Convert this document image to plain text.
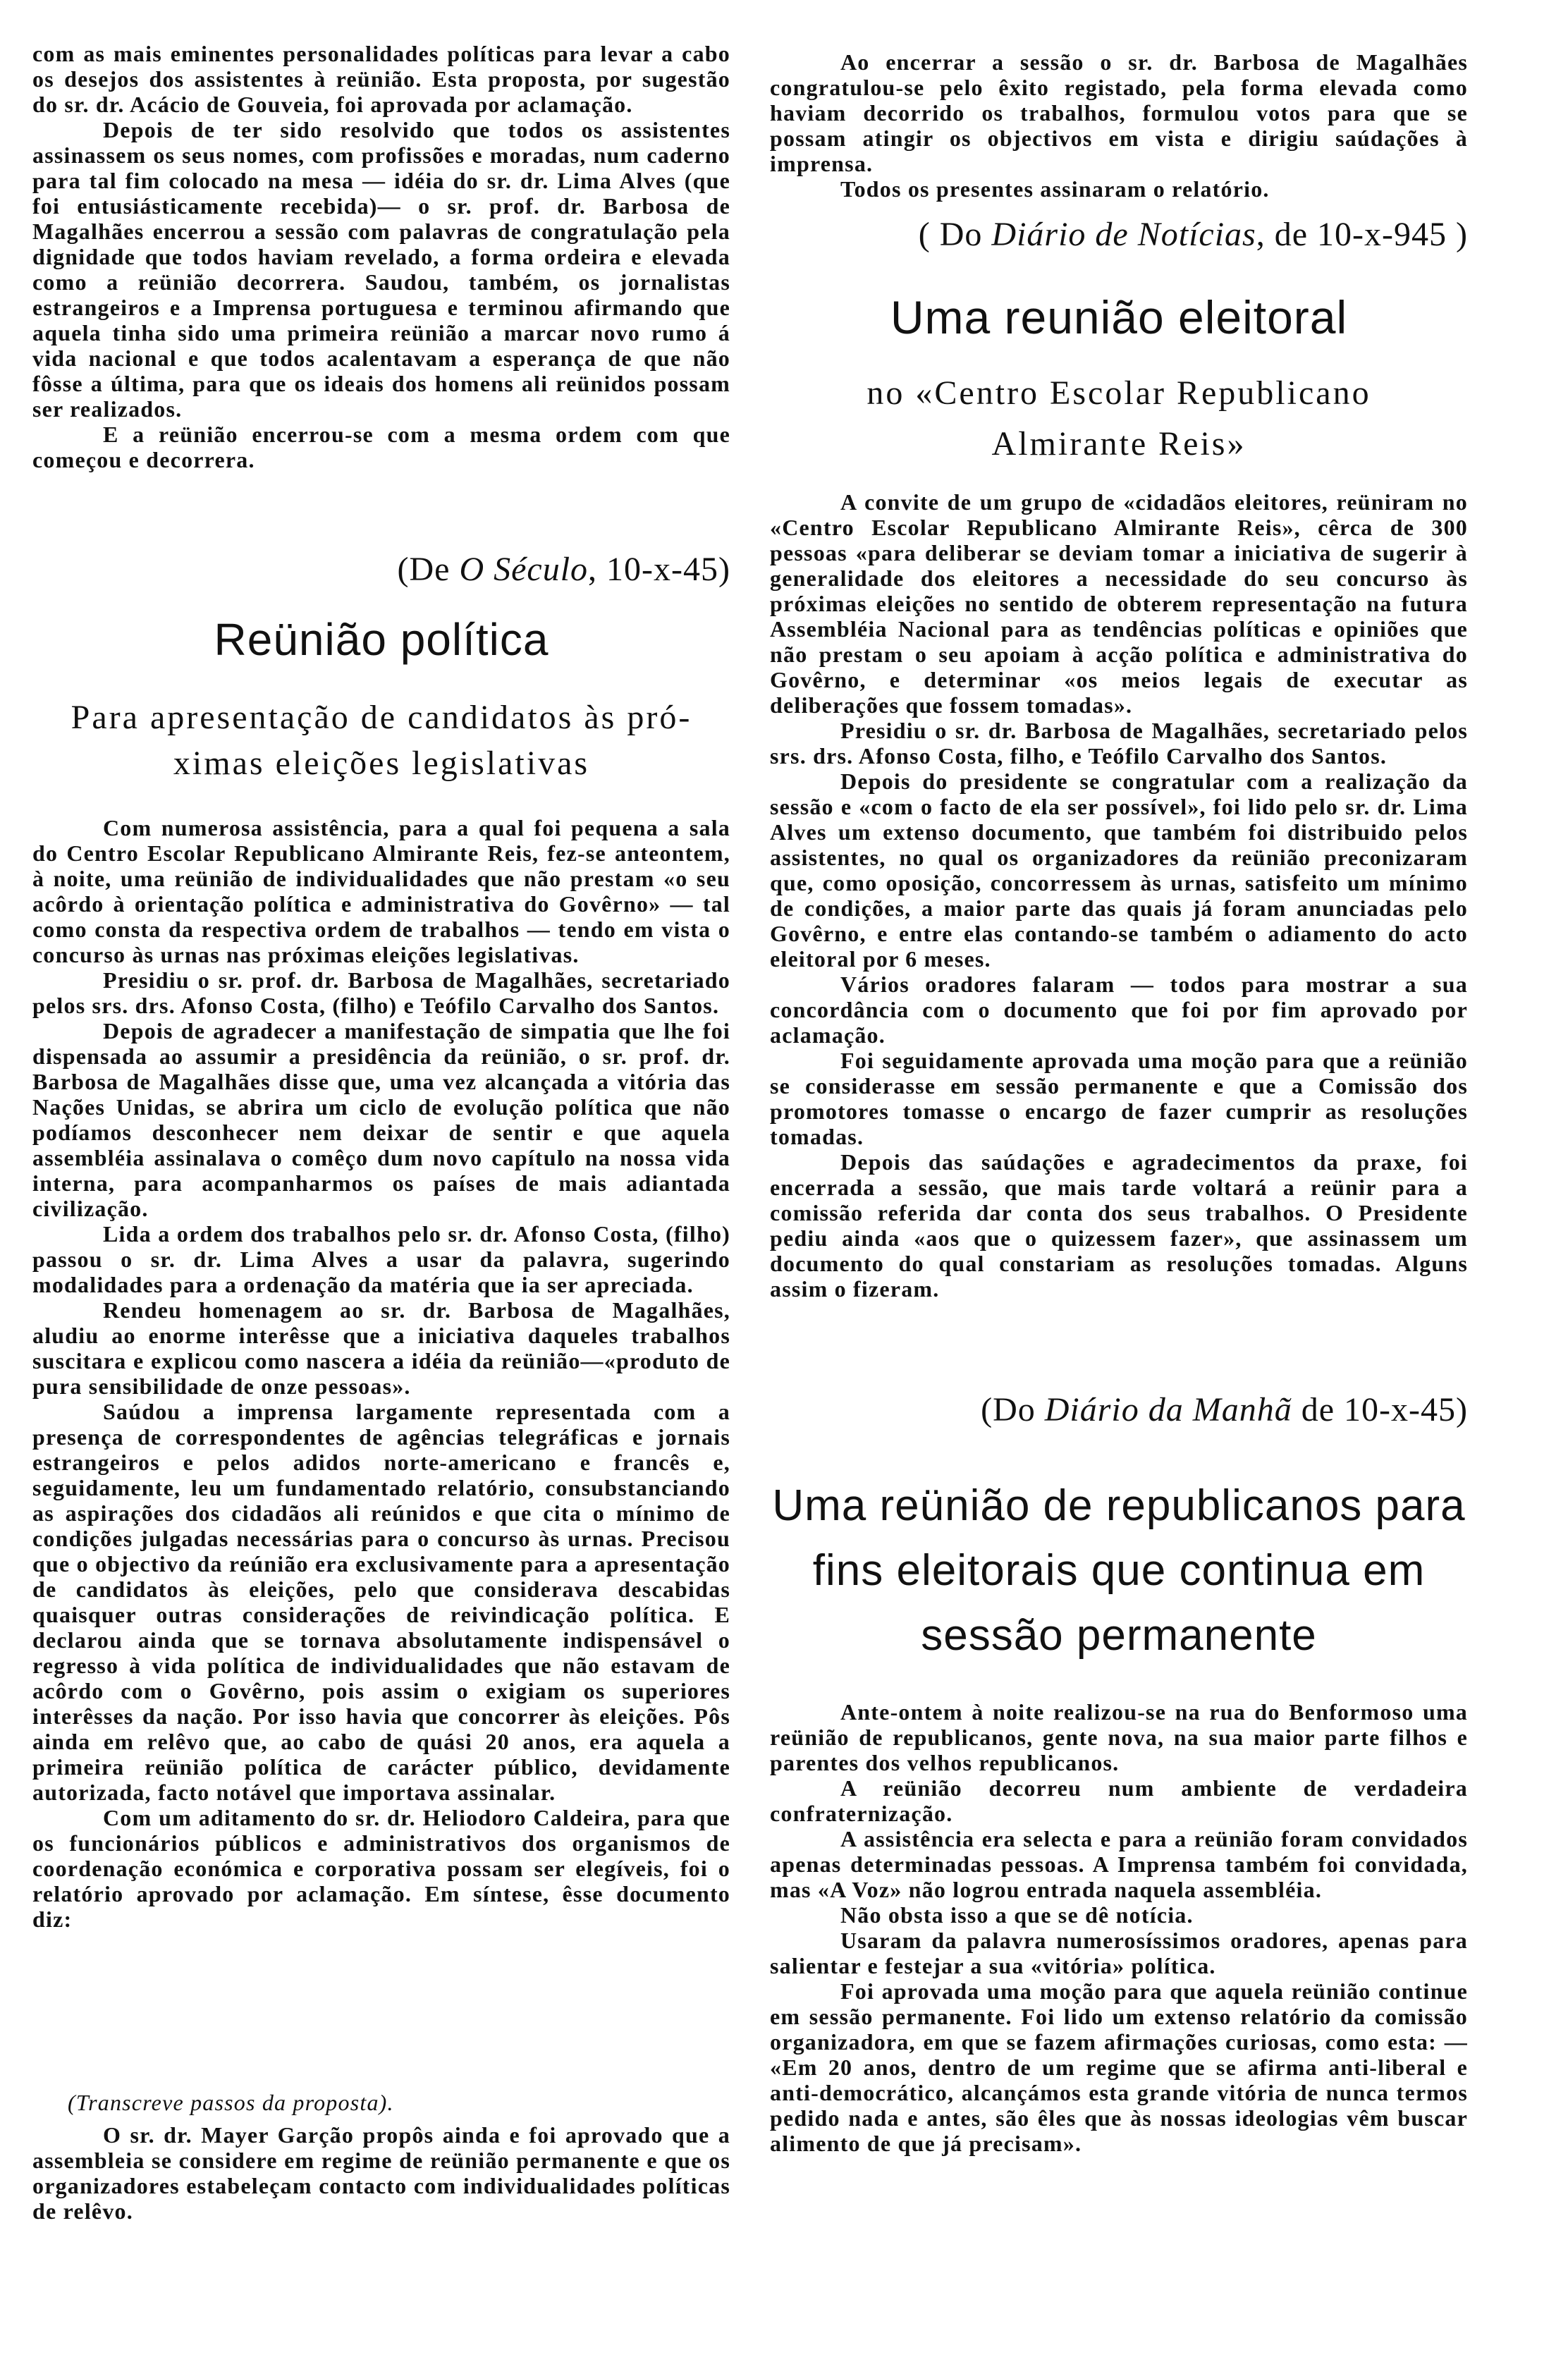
com as mais eminentes personalidades políticas para levar a cabo os desejos dos assistentes à reünião. Esta proposta, por sugestão do sr. dr. Acácio de Gouveia, foi aprovada por aclamação.

Depois de ter sido resolvido que todos os assistentes assinassem os seus nomes, com profissões e moradas, num caderno para tal fim colocado na mesa — idéia do sr. dr. Lima Alves (que foi entusiásticamente recebida)— o sr. prof. dr. Barbosa de Magalhães encerrou a sessão com palavras de congratulação pela dignidade que todos haviam revelado, a forma ordeira e elevada como a reünião decorrera. Saudou, também, os jornalistas estrangeiros e a Imprensa portuguesa e terminou afirmando que aquela tinha sido uma primeira reünião a marcar novo rumo á vida nacional e que todos acalentavam a esperança de que não fôsse a última, para que os ideais dos homens ali reünidos possam ser realizados.

E a reünião encerrou-se com a mesma ordem com que começou e decorrera.

(De O Século, 10-x-45)
Reünião política
Para apresentação de candidatos às pró-
ximas eleições legislativas

Com numerosa assistência, para a qual foi pequena a sala do Centro Escolar Republicano Almirante Reis, fez-se anteontem, à noite, uma reünião de individualidades que não prestam «o seu acôrdo à orientação política e administrativa do Govêrno» — tal como consta da respectiva ordem de trabalhos — tendo em vista o concurso às urnas nas próximas eleições legislativas.

Presidiu o sr. prof. dr. Barbosa de Magalhães, secretariado pelos srs. drs. Afonso Costa, (filho) e Teófilo Carvalho dos Santos.

Depois de agradecer a manifestação de simpatia que lhe foi dispensada ao assumir a presidência da reünião, o sr. prof. dr. Barbosa de Magalhães disse que, uma vez alcançada a vitória das Nações Unidas, se abrira um ciclo de evolução política que não podíamos desconhecer nem deixar de sentir e que aquela assembléia assinalava o comêço dum novo capítulo na nossa vida interna, para acompanharmos os países de mais adiantada civilização.

Lida a ordem dos trabalhos pelo sr. dr. Afonso Costa, (filho) passou o sr. dr. Lima Alves a usar da palavra, sugerindo modalidades para a ordenação da matéria que ia ser apreciada.

Rendeu homenagem ao sr. dr. Barbosa de Magalhães, aludiu ao enorme interêsse que a iniciativa daqueles trabalhos suscitara e explicou como nascera a idéia da reünião—«produto de pura sensibilidade de onze pessoas».

Saúdou a imprensa largamente representada com a presença de correspondentes de agências telegráficas e jornais estrangeiros e pelos adidos norte-americano e francês e, seguidamente, leu um fundamentado relatório, consubstanciando as aspirações dos cidadãos ali reúnidos e que cita o mínimo de condições julgadas necessárias para o concurso às urnas. Precisou que o objectivo da reúnião era exclusivamente para a apresentação de candidatos às eleições, pelo que considerava descabidas quaisquer outras considerações de reivindicação política. E declarou ainda que se tornava absolutamente indispensável o regresso à vida política de individualidades que não estavam de acôrdo com o Govêrno, pois assim o exigiam os superiores interêsses da nação. Por isso havia que concorrer às eleições. Pôs ainda em relêvo que, ao cabo de quási 20 anos, era aquela a primeira reünião política de carácter público, devidamente autorizada, facto notável que importava assinalar.

Com um aditamento do sr. dr. Heliodoro Caldeira, para que os funcionários públicos e administrativos dos organismos de coordenação económica e corporativa possam ser elegíveis, foi o relatório aprovado por aclamação. Em síntese, êsse documento diz:

(Transcreve passos da proposta).

O sr. dr. Mayer Garção propôs ainda e foi aprovado que a assembleia se considere em regime de reünião permanente e que os organizadores estabeleçam contacto com individualidades políticas de relêvo.

Ao encerrar a sessão o sr. dr. Barbosa de Magalhães congratulou-se pelo êxito registado, pela forma elevada como haviam decorrido os trabalhos, formulou votos para que se possam atingir os objectivos em vista e dirigiu saúdações à imprensa.

Todos os presentes assinaram o relatório.

( Do Diário de Notícias, de 10-x-945 )
Uma reunião eleitoral
no «Centro Escolar Republicano
Almirante Reis»

A convite de um grupo de «cidadãos eleitores, reüniram no «Centro Escolar Republicano Almirante Reis», cêrca de 300 pessoas «para deliberar se deviam tomar a iniciativa de sugerir à generalidade dos eleitores a necessidade do seu concurso às próximas eleições no sentido de obterem representação na futura Assembléia Nacional para as tendências políticas e opiniões que não prestam o seu apoiam à acção política e administrativa do Govêrno, e determinar «os meios legais de executar as deliberações que fossem tomadas».

Presidiu o sr. dr. Barbosa de Magalhães, secretariado pelos srs. drs. Afonso Costa, filho, e Teófilo Carvalho dos Santos.

Depois do presidente se congratular com a realização da sessão e «com o facto de ela ser possível», foi lido pelo sr. dr. Lima Alves um extenso documento, que também foi distribuido pelos assistentes, no qual os organizadores da reünião preconizaram que, como oposição, concorressem às urnas, satisfeito um mínimo de condições, a maior parte das quais já foram anunciadas pelo Govêrno, e entre elas contando-se também o adiamento do acto eleitoral por 6 meses.

Vários oradores falaram — todos para mostrar a sua concordância com o documento que foi por fim aprovado por aclamação.

Foi seguidamente aprovada uma moção para que a reünião se considerasse em sessão permanente e que a Comissão dos promotores tomasse o encargo de fazer cumprir as resoluções tomadas.

Depois das saúdações e agradecimentos da praxe, foi encerrada a sessão, que mais tarde voltará a reünir para a comissão referida dar conta dos seus trabalhos. O Presidente pediu ainda «aos que o quizessem fazer», que assinassem um documento do qual constariam as resoluções tomadas. Alguns assim o fizeram.

(Do Diário da Manhã de 10-x-45)
Uma reünião de republicanos para
fins eleitorais que continua em
sessão permanente

Ante-ontem à noite realizou-se na rua do Benformoso uma reünião de republicanos, gente nova, na sua maior parte filhos e parentes dos velhos republicanos.

A reünião decorreu num ambiente de verdadeira confraternização.

A assistência era selecta e para a reünião foram convidados apenas determinadas pessoas. A Imprensa também foi convidada, mas «A Voz» não logrou entrada naquela assembléia.

Não obsta isso a que se dê notícia.

Usaram da palavra numerosíssimos oradores, apenas para salientar e festejar a sua «vitória» política.

Foi aprovada uma moção para que aquela reünião continue em sessão permanente. Foi lido um extenso relatório da comissão organizadora, em que se fazem afirmações curiosas, como esta: — «Em 20 anos, dentro de um regime que se afirma anti-liberal e anti-democrático, alcançámos esta grande vitória de nunca termos pedido nada e antes, são êles que às nossas ideologias vêm buscar alimento de que já precisam».
